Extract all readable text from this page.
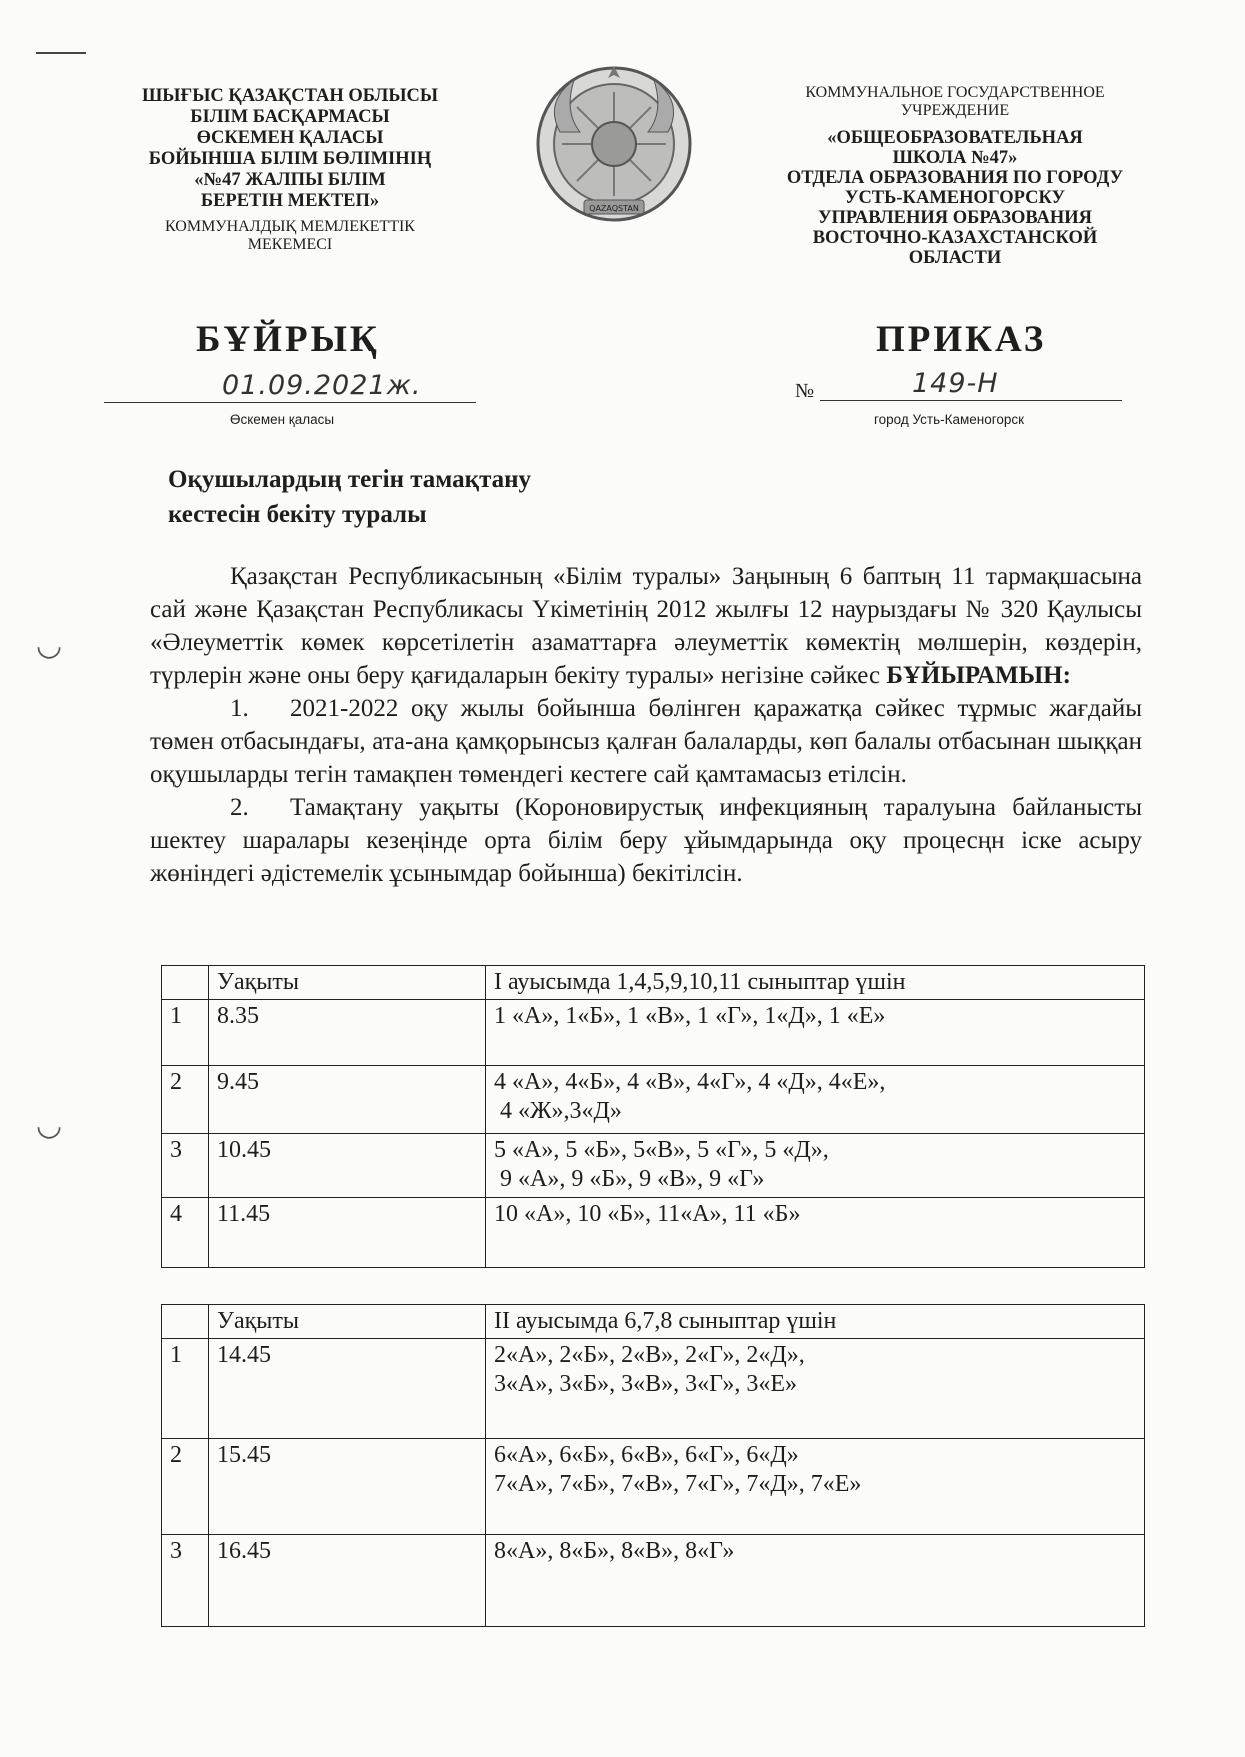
◡
◡
ШЫҒЫС ҚАЗАҚСТАН ОБЛЫСЫ
БІЛІМ БАСҚАРМАСЫ
ӨСКЕМЕН ҚАЛАСЫ
БОЙЫНША БІЛІМ БӨЛІМІНІҢ
«№47 ЖАЛПЫ БІЛІМ
БЕРЕТІН МЕКТЕП»
КОММУНАЛДЫҚ МЕМЛЕКЕТТІК
МЕКЕМЕСІ
QAZAQSTAN
КОММУНАЛЬНОЕ ГОСУДАРСТВЕННОЕ
УЧРЕЖДЕНИЕ
«ОБЩЕОБРАЗОВАТЕЛЬНАЯ
ШКОЛА №47»
ОТДЕЛА ОБРАЗОВАНИЯ ПО ГОРОДУ
УСТЬ-КАМЕНОГОРСКУ
УПРАВЛЕНИЯ ОБРАЗОВАНИЯ
ВОСТОЧНО-КАЗАХСТАНСКОЙ
ОБЛАСТИ
БҰЙРЫҚ	ПРИКАЗ
01.09.2021ж.
Өскемен қаласы
№	149-Н
город Усть-Каменогорск
Оқушылардың тегін тамақтану
кестесін бекіту туралы

Қазақстан Республикасының «Білім туралы» Заңының 6 баптың 11 тармақшасына сай және Қазақстан Республикасы Үкіметінің 2012 жылғы 12 наурыздағы № 320 Қаулысы «Әлеуметтік көмек көрсетілетін азаматтарға әлеуметтік көмектің мөлшерін, көздерін, түрлерін және оны беру қағидаларын бекіту туралы» негізіне сәйкес БҰЙЫРАМЫН:

1. 2021-2022 оқу жылы бойынша бөлінген қаражатқа сәйкес тұрмыс жағдайы төмен отбасындағы, ата-ана қамқорынсыз қалған балаларды, көп балалы отбасынан шыққан оқушыларды тегін тамақпен төмендегі кестеге сай қамтамасыз етілсін.

2. Тамақтану уақыты (Короновирустық инфекцияның таралуына байланысты шектеу шаралары кезеңінде орта білім беру ұйымдарында оқу процесңн іске асыру жөніндегі әдістемелік ұсынымдар бойынша) бекітілсін.

	Уақыты	І ауысымда 1,4,5,9,10,11 сыныптар үшін
1	8.35	1 «А», 1«Б», 1 «В», 1 «Г», 1«Д», 1 «Е»

2	9.45	4 «А», 4«Б», 4 «В», 4«Г», 4 «Д», 4«Е»,
4 «Ж»,3«Д»

3	10.45	5 «А», 5 «Б», 5«В», 5 «Г», 5 «Д»,
9 «А», 9 «Б», 9 «В», 9 «Г»

4	11.45	10 «А», 10 «Б», 11«А», 11 «Б»
	Уақыты	ІІ ауысымда 6,7,8 сыныптар үшін
1	14.45	2«А», 2«Б», 2«В», 2«Г», 2«Д»,
3«А», 3«Б», 3«В», 3«Г», 3«Е»

2	15.45	6«А», 6«Б», 6«В», 6«Г», 6«Д»
7«А», 7«Б», 7«В», 7«Г», 7«Д», 7«Е»

3	16.45	8«А», 8«Б», 8«В», 8«Г»
